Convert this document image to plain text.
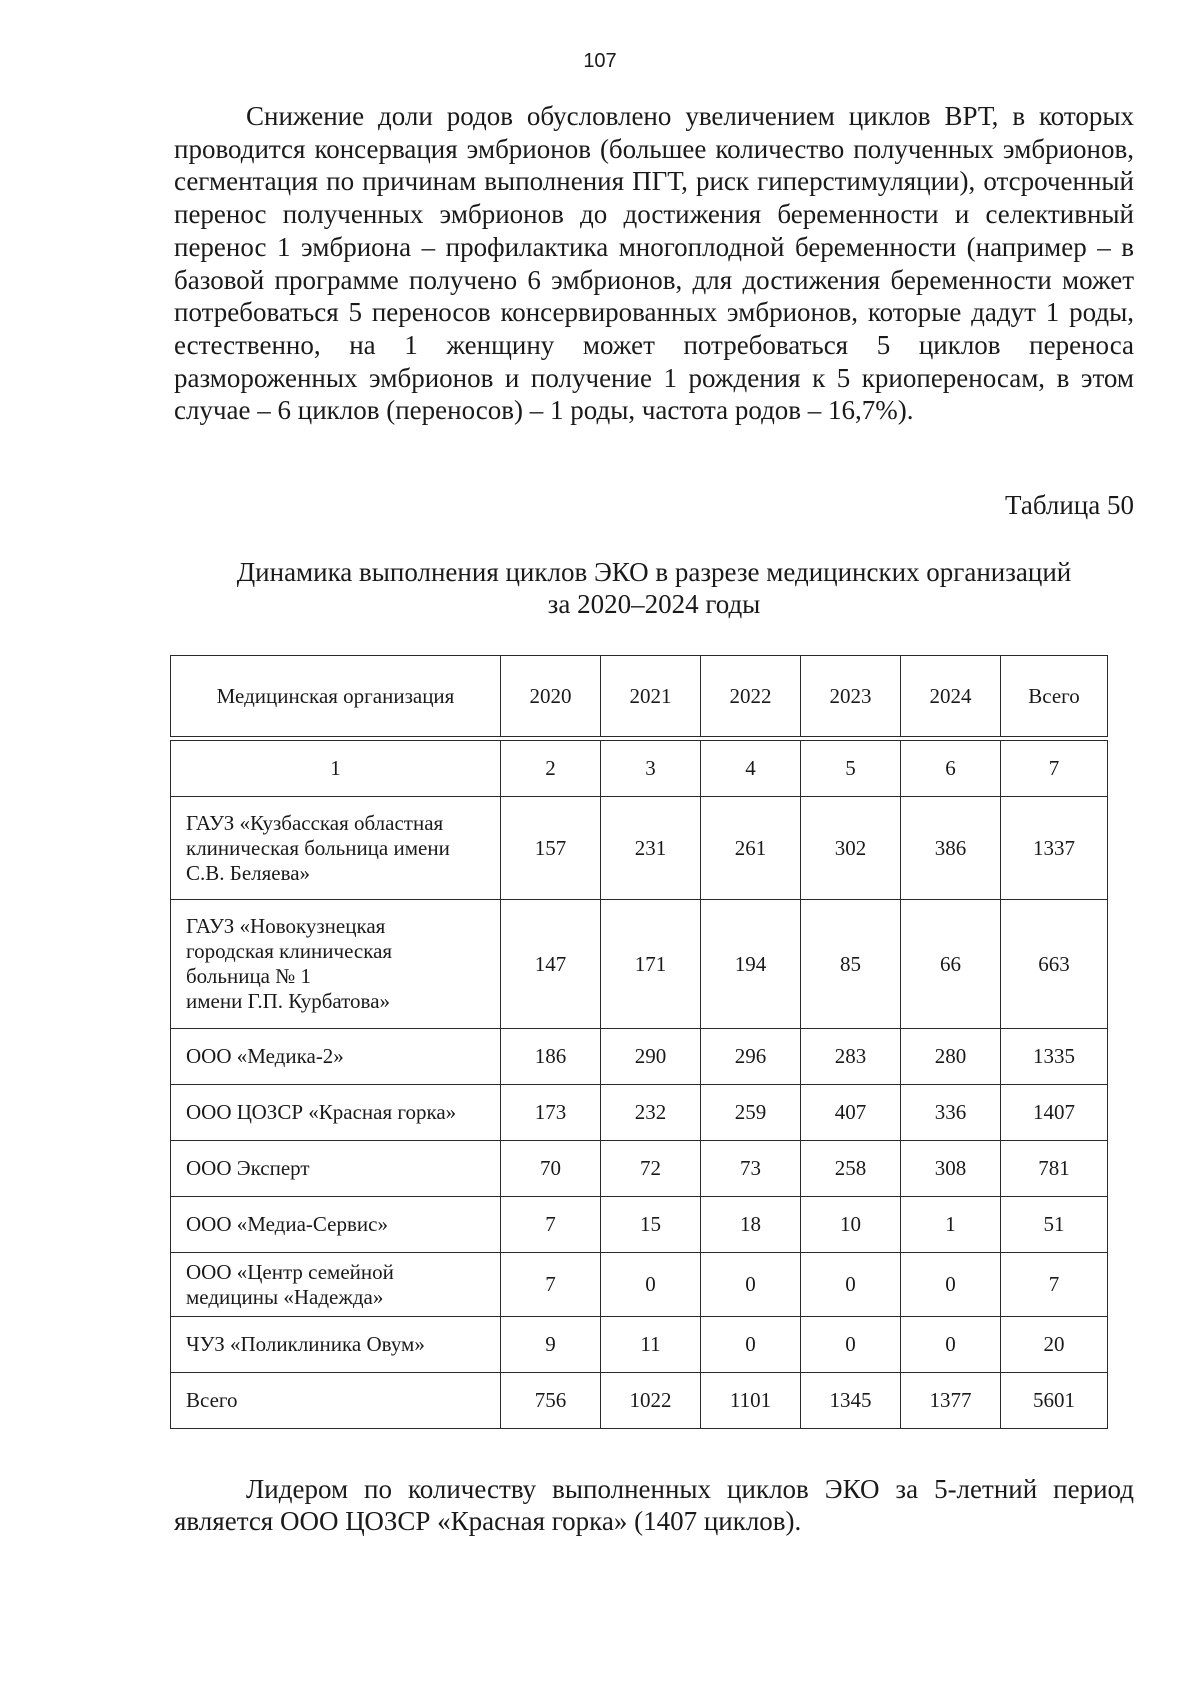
107

Снижение доли родов обусловлено увеличением циклов ВРТ, в которых проводится консервация эмбрионов (большее количество полученных эмбрионов, сегментация по причинам выполнения ПГТ, риск гиперстимуляции), отсроченный перенос полученных эмбрионов до достижения беременности и селективный перенос 1 эмбриона – профилактика многоплодной беременности (например – в базовой программе получено 6 эмбрионов, для достижения беременности может потребоваться 5 переносов консервированных эмбрионов, которые дадут 1 роды, естественно, на 1 женщину может потребоваться 5 циклов переноса размороженных эмбрионов и получение 1 рождения к 5 криопереносам, в этом случае – 6 циклов (переносов) – 1 роды, частота родов – 16,7%).

Таблица 50
Динамика выполнения циклов ЭКО в разрезе медицинских организаций
за 2020–2024 годы
Медицинская организация	2020	2021	2022	2023	2024	Всего
1	2	3	4	5	6	7

ГАУЗ «Кузбасская областная
клиническая больница имени
С.В. Беляева»	157	231	261	302	386	1337

ГАУЗ «Новокузнецкая
городская клиническая
больница № 1
имени Г.П. Курбатова»	147	171	194	85	66	663

ООО «Медика-2»	186	290	296	283	280	1335

ООО ЦОЗСР «Красная горка»	173	232	259	407	336	1407

ООО Эксперт	70	72	73	258	308	781

ООО «Медиа-Сервис»	7	15	18	10	1	51

ООО «Центр семейной
медицины «Надежда»	7	0	0	0	0	7

ЧУЗ «Поликлиника Овум»	9	11	0	0	0	20

Всего	756	1022	1101	1345	1377	5601

Лидером по количеству выполненных циклов ЭКО за 5-летний период является ООО ЦОЗСР «Красная горка» (1407 циклов).
